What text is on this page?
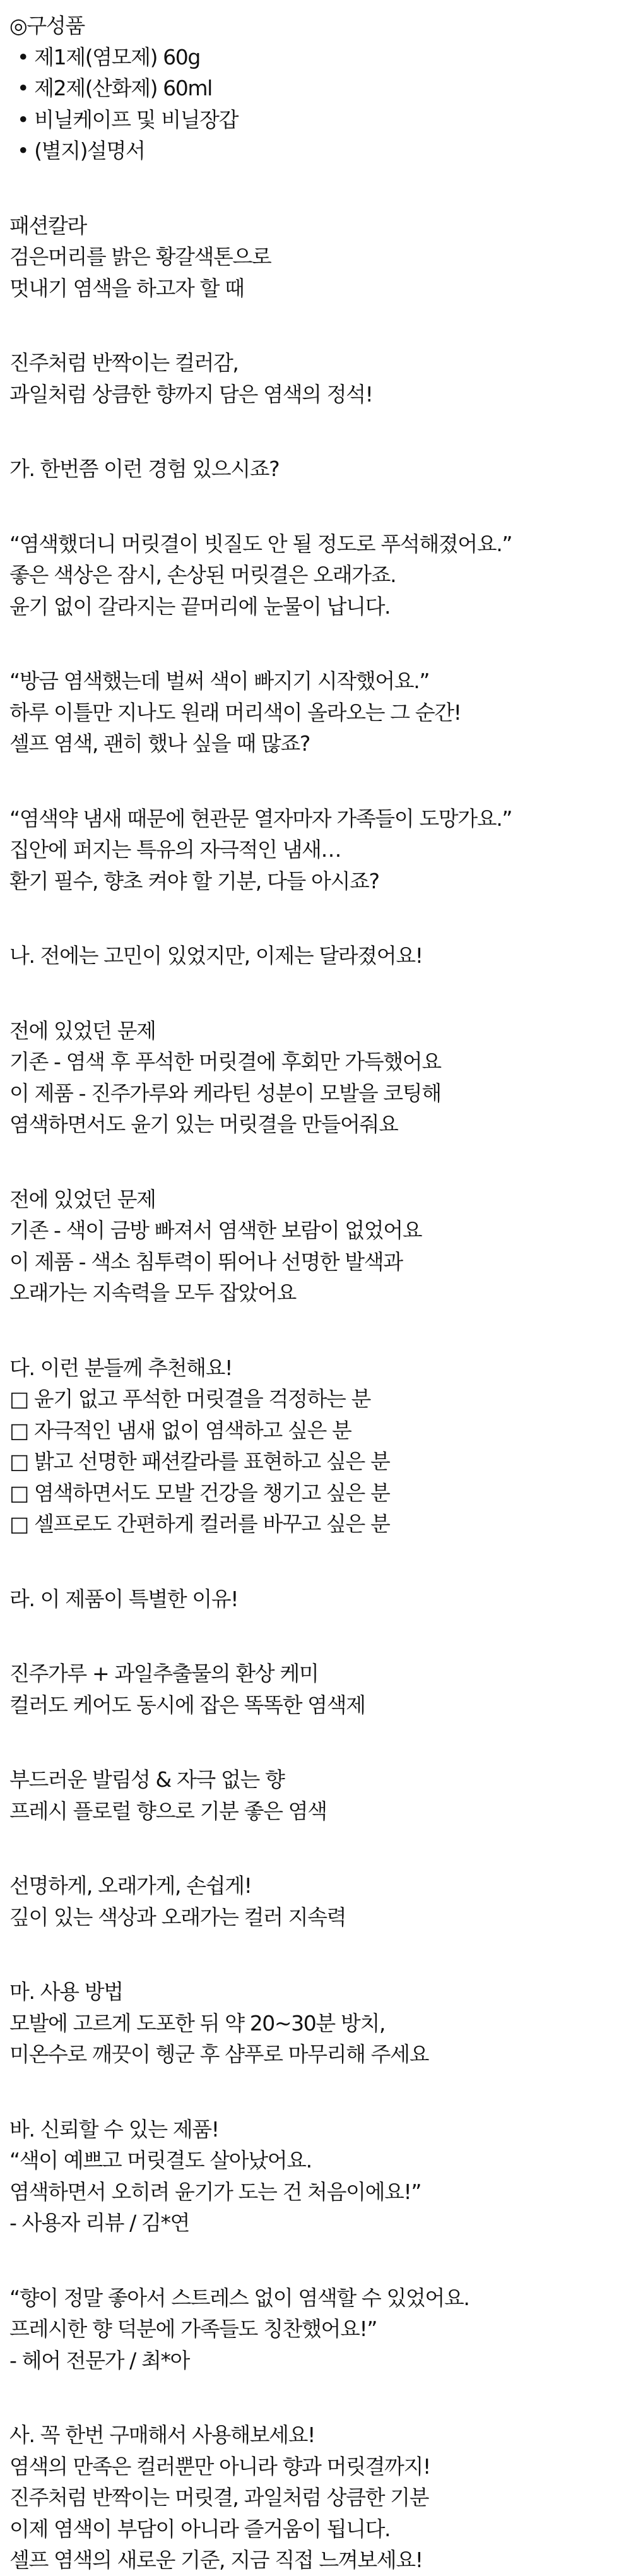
◎구성품
• 제1제(염모제) 60g
• 제2제(산화제) 60ml
• 비닐케이프 및 비닐장갑
• (별지)설명서
패션칼라
검은머리를 밝은 황갈색톤으로
멋내기 염색을 하고자 할 때
진주처럼 반짝이는 컬러감,
과일처럼 상큼한 향까지 담은 염색의 정석!
가. 한번쯤 이런 경험 있으시죠?
“염색했더니 머릿결이 빗질도 안 될 정도로 푸석해졌어요.”
좋은 색상은 잠시, 손상된 머릿결은 오래가죠.
윤기 없이 갈라지는 끝머리에 눈물이 납니다.
“방금 염색했는데 벌써 색이 빠지기 시작했어요.”
하루 이틀만 지나도 원래 머리색이 올라오는 그 순간!
셀프 염색, 괜히 했나 싶을 때 많죠?
“염색약 냄새 때문에 현관문 열자마자 가족들이 도망가요.”
집안에 퍼지는 특유의 자극적인 냄새…
환기 필수, 향초 켜야 할 기분, 다들 아시죠?
나. 전에는 고민이 있었지만, 이제는 달라졌어요!
전에 있었던 문제
기존 - 염색 후 푸석한 머릿결에 후회만 가득했어요
이 제품 - 진주가루와 케라틴 성분이 모발을 코팅해
염색하면서도 윤기 있는 머릿결을 만들어줘요
전에 있었던 문제
기존 - 색이 금방 빠져서 염색한 보람이 없었어요
이 제품 - 색소 침투력이 뛰어나 선명한 발색과
오래가는 지속력을 모두 잡았어요
다. 이런 분들께 추천해요!
□ 윤기 없고 푸석한 머릿결을 걱정하는 분
□ 자극적인 냄새 없이 염색하고 싶은 분
□ 밝고 선명한 패션칼라를 표현하고 싶은 분
□ 염색하면서도 모발 건강을 챙기고 싶은 분
□ 셀프로도 간편하게 컬러를 바꾸고 싶은 분
라. 이 제품이 특별한 이유!
진주가루 + 과일추출물의 환상 케미
컬러도 케어도 동시에 잡은 똑똑한 염색제
부드러운 발림성 & 자극 없는 향
프레시 플로럴 향으로 기분 좋은 염색
선명하게, 오래가게, 손쉽게!
깊이 있는 색상과 오래가는 컬러 지속력
마. 사용 방법
모발에 고르게 도포한 뒤 약 20~30분 방치,
미온수로 깨끗이 헹군 후 샴푸로 마무리해 주세요
바. 신뢰할 수 있는 제품!
“색이 예쁘고 머릿결도 살아났어요.
염색하면서 오히려 윤기가 도는 건 처음이에요!”
- 사용자 리뷰 / 김*연
“향이 정말 좋아서 스트레스 없이 염색할 수 있었어요.
프레시한 향 덕분에 가족들도 칭찬했어요!”
- 헤어 전문가 / 최*아
사. 꼭 한번 구매해서 사용해보세요!
염색의 만족은 컬러뿐만 아니라 향과 머릿결까지!
진주처럼 반짝이는 머릿결, 과일처럼 상큼한 기분
이제 염색이 부담이 아니라 즐거움이 됩니다.
셀프 염색의 새로운 기준, 지금 직접 느껴보세요!
